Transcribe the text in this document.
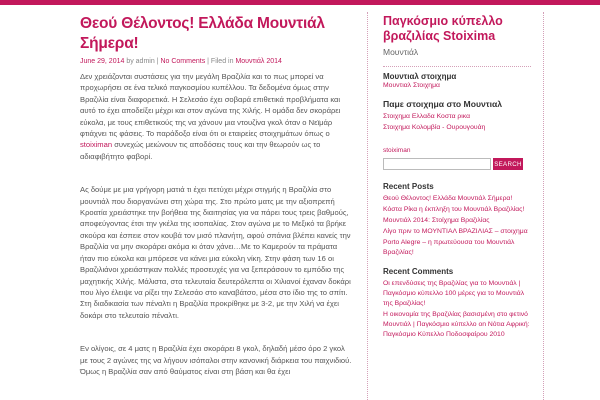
Θεού Θέλοντος! Ελλάδα Μουντιάλ Σήμερα!
June 29, 2014 by admin | No Comments | Filed in Μουντιάλ 2014

Δεν χρειάζονται συστάσεις για την μεγάλη Βραζιλία και το πως μπορεί να προχωρήσει σε ένα τελικό παγκοσμίου κυπέλλου. Τα δεδομένα όμως στην Βραζιλία είναι διαφορετικά. Η Σελεσάο έχει σοβαρά επιθετικά προβλήματα και αυτό το έχει αποδείξει μέχρι και στον αγώνα της Χιλής. Η ομάδα δεν σκοράρει εύκολα, με τους επιθετικούς της να χάνουν μια ντουζίνα γκολ όταν ο Νεϊμάρ φτιάχνει τις φάσεις. Το παράδοξο είναι ότι οι εταιρείες στοιχημάτων όπως ο stoiximan συνεχώς μειώνουν τις αποδόσεις τους και την θεωρούν ως το αδιαφιβήτητο φαβορί.

Ας δούμε με μια γρήγορη ματιά τι έχει πετύχει μέχρι στιγμής η Βραζιλία στο μουντιάλ που διοργανώνει στη χώρα της. Στο πρώτο ματς με την αξιοπρεπή Κροατία χρειάστηκε την βοήθεια της διαιτησίας για να πάρει τους τρεις βαθμούς, αποφεύγοντας έτσι την γκέλα της ισοπαλίας. Στον αγώνα με το Μεξικό τα βρήκε σκούρα και έσπειε στον κουβά τον μισό πλανήτη, αφού σπάνια βλέπει κανείς την Βραζιλία να μην σκοράρει ακόμα κι όταν χάνει…Με το Καμερούν τα πράματα ήταν πιο εύκολα και μπόρεσε να κάνει μια εύκολη νίκη. Στην φάση των 16 οι Βραζιλιάνοι χρειάστηκαν πολλές προσευχές για να ξεπεράσουν το εμπόδιο της μαχητικής Χιλής. Μάλιστα, στα τελευταία δευτερόλεπτα οι Χιλιανοί έχαναν δοκάρι που λίγο έλειψε να ρίξει την Σελεσάο στο καναβάτσο, μέσα στο ίδιο της το σπίτι. Στη διαδικασία των πέναλτι η Βραζιλία προκρίθηκε με 3-2, με την Χιλή να έχει δοκάρι στο τελευταίο πέναλτι.

Εν ολίγοις, σε 4 ματς η Βραζιλία έχει σκοράρει 8 γκολ, δηλαδή μέσο όρο 2 γκολ με τους 2 αγώνες της να λήγουν ισόπαλοι στην κανονική διάρκεια του παιχνιδιού. Όμως η Βραζιλία σαν από θαύματος είναι στη βάση και θα έχει

Παγκόσμιο κύπελλο βραζιλίας Stoixima
Μουντιάλ
Μουντιαλ στοιχημα
Μουντιαλ Στοιχημα
Παμε στοιχημα στο Μουντιαλ
Στοιχημα Ελλαδα Κοστα ρικα
Στοιχημα Κολομβία - Ουρουγουάη
stoiximan
SEARCH
Recent Posts
Θεού Θέλοντος! Ελλάδα Μουντιάλ Σήμερα!
Κόστα Ρίκα η έκπληξη του Μουντιάλ Βραζιλίας!
Μουντιάλ 2014: Στοίχημα Βραζιλίας
Λίγο πριν το ΜΟΥΝΤΙΑΛ ΒΡΑΖΙΛΙΑΣ – στοιχημα
Porto Alegre – η πρωτεύουσα του Μουντιάλ Βραζιλίας!
Recent Comments
Οι επενδύσεις της Βραζιλίας για το Μουντιάλ | Παγκόσμιο κύπελλο 100 μέρες για το Μουντιάλ της Βραζιλίας!
Η οικονομία της Βραζιλίας βασισμένη στο φετινό Μουντιάλ | Παγκόσμιο κύπελλο on Νότια Αφρική: Παγκόσμιο Κύπελλο Ποδοσφαίρου 2010
